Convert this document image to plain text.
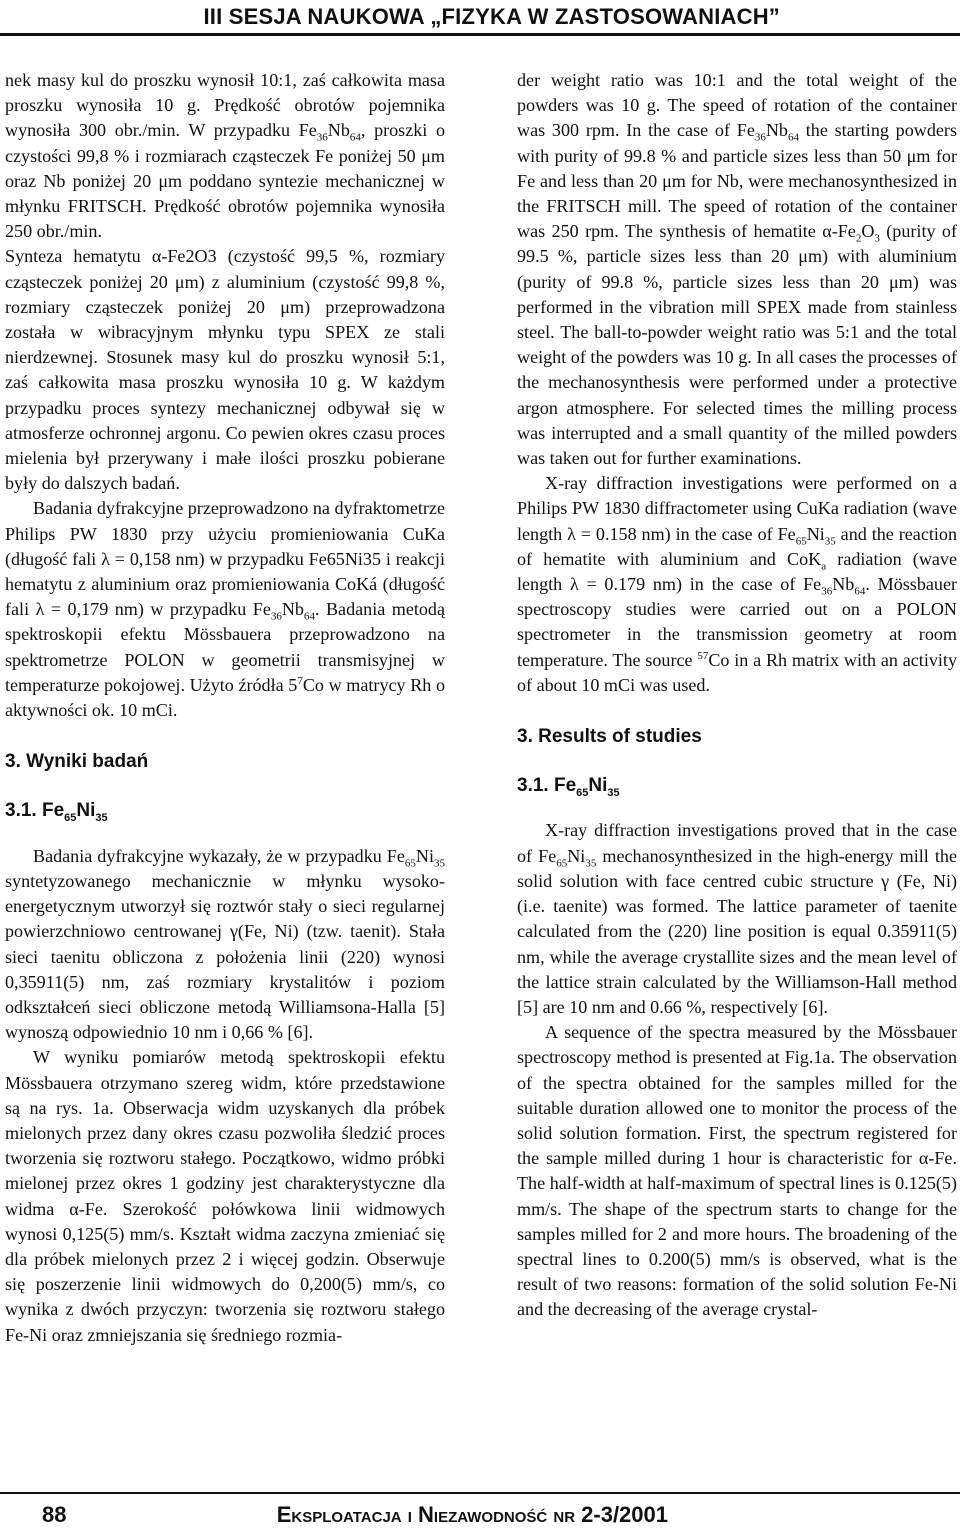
III SESJA NAUKOWA „FIZYKA W ZASTOSOWANIACH”

nek masy kul do proszku wynosił 10:1, zaś całkowita masa proszku wynosiła 10 g. Prędkość obrotów pojemnika wynosiła 300 obr./min. W przypadku $Fe_{36}Nb_{64}$, proszki o czystości 99,8 % i rozmiarach cząsteczek Fe poniżej 50 μm oraz Nb poniżej 20 μm poddano syntezie mechanicznej w młynku FRITSCH. Prędkość obrotów pojemnika wynosiła 250 obr./min.

Synteza hematytu α-Fe2O3 (czystość 99,5 %, rozmiary cząsteczek poniżej 20 μm) z aluminium (czystość 99,8 %, rozmiary cząsteczek poniżej 20 μm) przeprowadzona została w wibracyjnym młynku typu SPEX ze stali nierdzewnej. Stosunek masy kul do proszku wynosił 5:1, zaś całkowita masa proszku wynosiła 10 g. W każdym przypadku proces syntezy mechanicznej odbywał się w atmosferze ochronnej argonu. Co pewien okres czasu proces mielenia był przerywany i małe ilości proszku pobierane były do dalszych badań.

Badania dyfrakcyjne przeprowadzono na dyfraktometrze Philips PW 1830 przy użyciu promieniowania CuKa (długość fali λ = 0,158 nm) w przypadku Fe65Ni35 i reakcji hematytu z aluminium oraz promieniowania CoKá (długość fali λ = 0,179 nm) w przypadku $Fe_{36}Nb_{64}$. Badania metodą spektroskopii efektu Mössbauera przeprowadzono na spektrometrze POLON w geometrii transmisyjnej w temperaturze pokojowej. Użyto źródła $5^7Co$ w matrycy Rh o aktywności ok. 10 mCi.

3. Wyniki badań

3.1. $Fe_{65}Ni_{35}$

Badania dyfrakcyjne wykazały, że w przypadku $Fe_{65}Ni_{35}$ syntetyzowanego mechanicznie w młynku wysoko-energetycznym utworzył się roztwór stały o sieci regularnej powierzchniowo centrowanej γ(Fe, Ni) (tzw. taenit). Stała sieci taenitu obliczona z położenia linii (220) wynosi 0,35911(5) nm, zaś rozmiary krystalitów i poziom odkształceń sieci obliczone metodą Williamsona-Halla [5] wynoszą odpowiednio 10 nm i 0,66 % [6].

W wyniku pomiarów metodą spektroskopii efektu Mössbauera otrzymano szereg widm, które przedstawione są na rys. 1a. Obserwacja widm uzyskanych dla próbek mielonych przez dany okres czasu pozwoliła śledzić proces tworzenia się roztworu stałego. Początkowo, widmo próbki mielonej przez okres 1 godziny jest charakterystyczne dla widma α-Fe. Szerokość połówkowa linii widmowych wynosi 0,125(5) mm/s. Kształt widma zaczyna zmieniać się dla próbek mielonych przez 2 i więcej godzin. Obserwuje się poszerzenie linii widmowych do 0,200(5) mm/s, co wynika z dwóch przyczyn: tworzenia się roztworu stałego Fe-Ni oraz zmniejszania się średniego rozmia-

der weight ratio was 10:1 and the total weight of the powders was 10 g. The speed of rotation of the container was 300 rpm. In the case of $Fe_{36}Nb_{64}$ the starting powders with purity of 99.8 % and particle sizes less than 50 μm for Fe and less than 20 μm for Nb, were mechanosynthesized in the FRITSCH mill. The speed of rotation of the container was 250 rpm. The synthesis of hematite $\alpha-Fe_2O_3$ (purity of 99.5 %, particle sizes less than 20 μm) with aluminium (purity of 99.8 %, particle sizes less than 20 μm) was performed in the vibration mill SPEX made from stainless steel. The ball-to-powder weight ratio was 5:1 and the total weight of the powders was 10 g. In all cases the processes of the mechanosynthesis were performed under a protective argon atmosphere. For selected times the milling process was interrupted and a small quantity of the milled powders was taken out for further examinations.

X-ray diffraction investigations were performed on a Philips PW 1830 diffractometer using CuKa radiation (wave length λ = 0.158 nm) in the case of $Fe_{65}Ni_{35}$ and the reaction of hematite with aluminium and CoK$_a$ radiation (wave length λ = 0.179 nm) in the case of $Fe_{36}Nb_{64}$. Mössbauer spectroscopy studies were carried out on a POLON spectrometer in the transmission geometry at room temperature. The source $^{57}$Co in a Rh matrix with an activity of about 10 mCi was used.

3. Results of studies

3.1. $Fe_{65}Ni_{35}$

X-ray diffraction investigations proved that in the case of $Fe_{65}Ni_{35}$ mechanosynthesized in the high-energy mill the solid solution with face centred cubic structure γ (Fe, Ni) (i.e. taenite) was formed. The lattice parameter of taenite calculated from the (220) line position is equal 0.35911(5) nm, while the average crystallite sizes and the mean level of the lattice strain calculated by the Williamson-Hall method [5] are 10 nm and 0.66 %, respectively [6].

A sequence of the spectra measured by the Mössbauer spectroscopy method is presented at Fig.1a. The observation of the spectra obtained for the samples milled for the suitable duration allowed one to monitor the process of the solid solution formation. First, the spectrum registered for the sample milled during 1 hour is characteristic for α-Fe. The half-width at half-maximum of spectral lines is 0.125(5) mm/s. The shape of the spectrum starts to change for the samples milled for 2 and more hours. The broadening of the spectral lines to 0.200(5) mm/s is observed, what is the result of two reasons: formation of the solid solution Fe-Ni and the decreasing of the average crystal-

88	Eksploatacja i Niezawodność nr 2-3/2001
